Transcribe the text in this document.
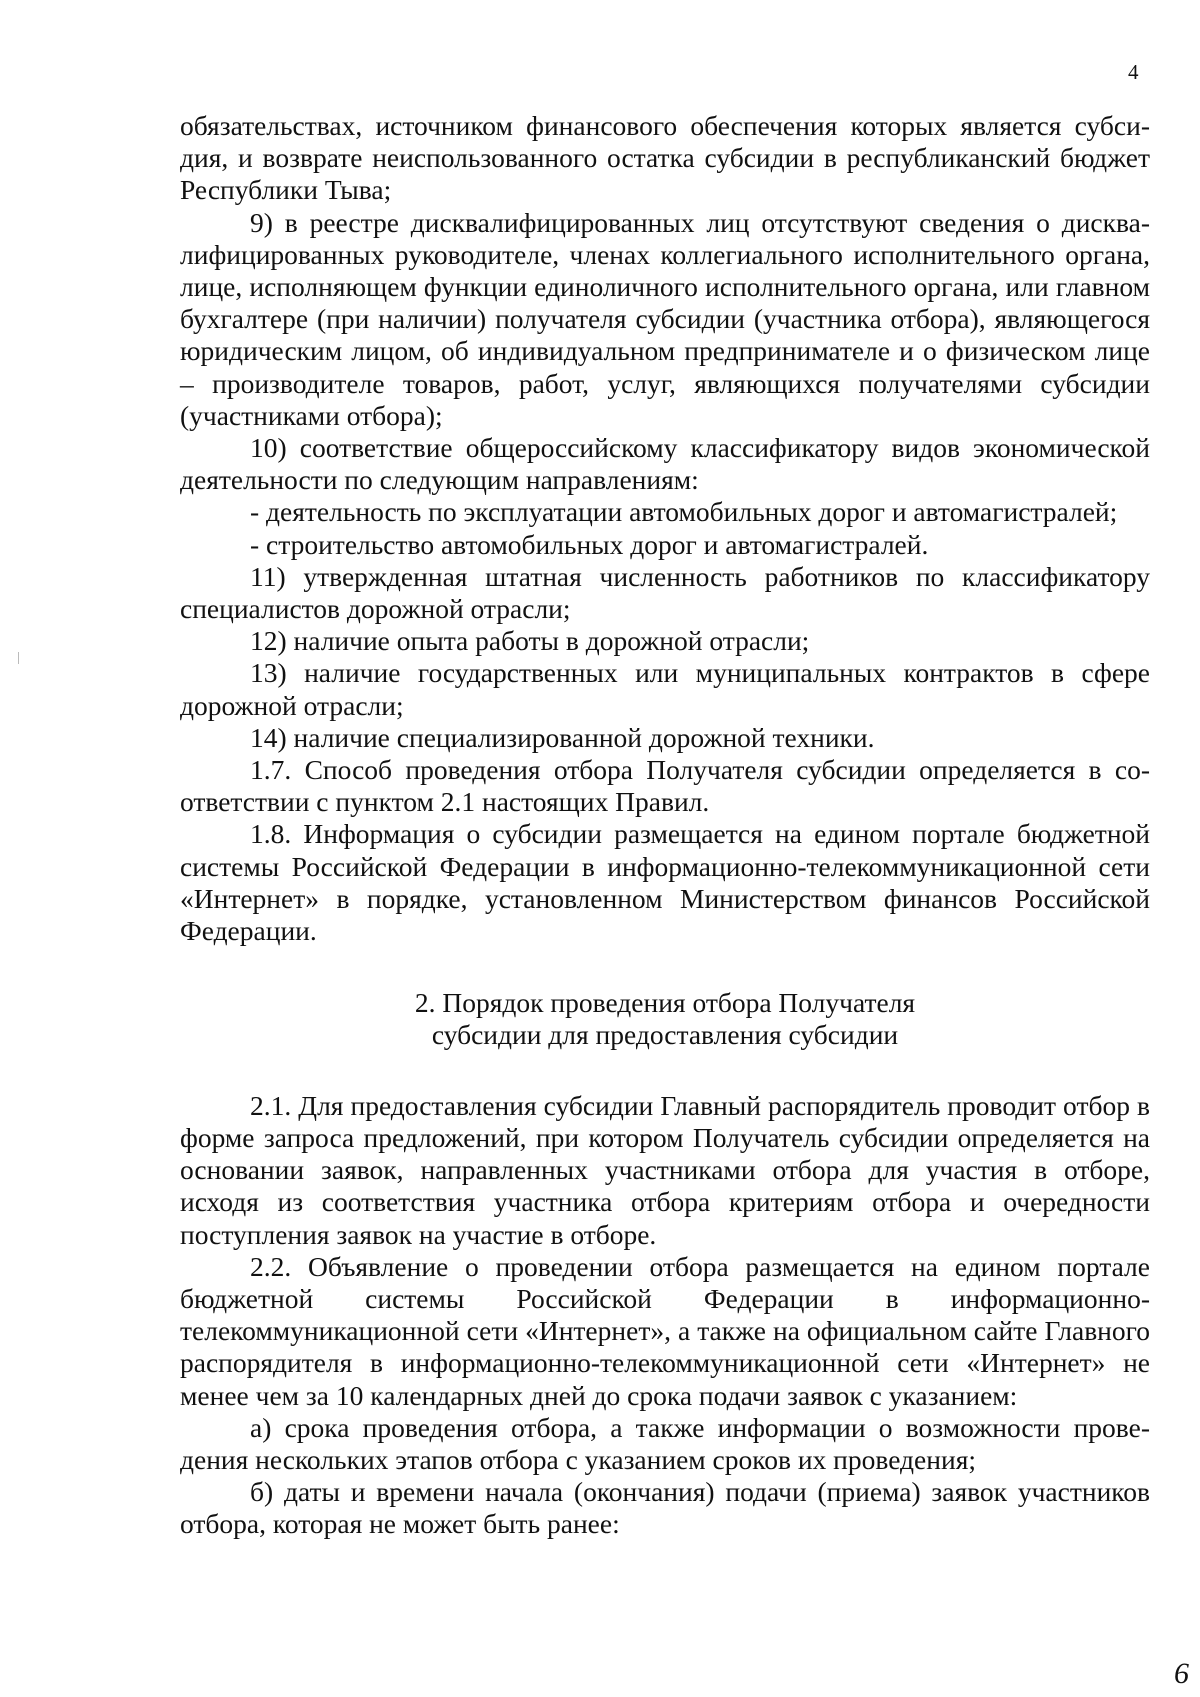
4

обязательствах, источником финансового обеспечения которых является субсидия, и возврате неиспользованного остатка субсидии в республиканский бюджет Республики Тыва;

9) в реестре дисквалифицированных лиц отсутствуют сведения о дисквалифицированных руководителе, членах коллегиального исполнительного органа, лице, исполняющем функции единоличного исполнительного органа, или главном бухгалтере (при наличии) получателя субсидии (участника отбора), являющегося юридическим лицом, об индивидуальном предпринимателе и о физическом лице – производителе товаров, работ, услуг, являющихся получателями субсидии (участниками отбора);

10) соответствие общероссийскому классификатору видов экономической деятельности по следующим направлениям:

- деятельность по эксплуатации автомобильных дорог и автомагистралей;

- строительство автомобильных дорог и автомагистралей.

11) утвержденная штатная численность работников по классификатору специалистов дорожной отрасли;

12) наличие опыта работы в дорожной отрасли;

13) наличие государственных или муниципальных контрактов в сфере дорожной отрасли;

14) наличие специализированной дорожной техники.

1.7. Способ проведения отбора Получателя субсидии определяется в соответствии с пунктом 2.1 настоящих Правил.

1.8. Информация о субсидии размещается на едином портале бюджетной системы Российской Федерации в информационно-телекоммуникационной сети «Интернет» в порядке, установленном Министерством финансов Российской Федерации.

2. Порядок проведения отбора Получателя
субсидии для предоставления субсидии

2.1. Для предоставления субсидии Главный распорядитель проводит отбор в форме запроса предложений, при котором Получатель субсидии определяется на основании заявок, направленных участниками отбора для участия в отборе, исходя из соответствия участника отбора критериям отбора и очередности поступления заявок на участие в отборе.

2.2. Объявление о проведении отбора размещается на едином портале бюджетной системы Российской Федерации в информационно-телекоммуникационной сети «Интернет», а также на официальном сайте Главного распорядителя в информационно-телекоммуникационной сети «Интернет» не менее чем за 10 календарных дней до срока подачи заявок с указанием:

а) срока проведения отбора, а также информации о возможности проведения нескольких этапов отбора с указанием сроков их проведения;

б) даты и времени начала (окончания) подачи (приема) заявок участников отбора, которая не может быть ранее:

6
